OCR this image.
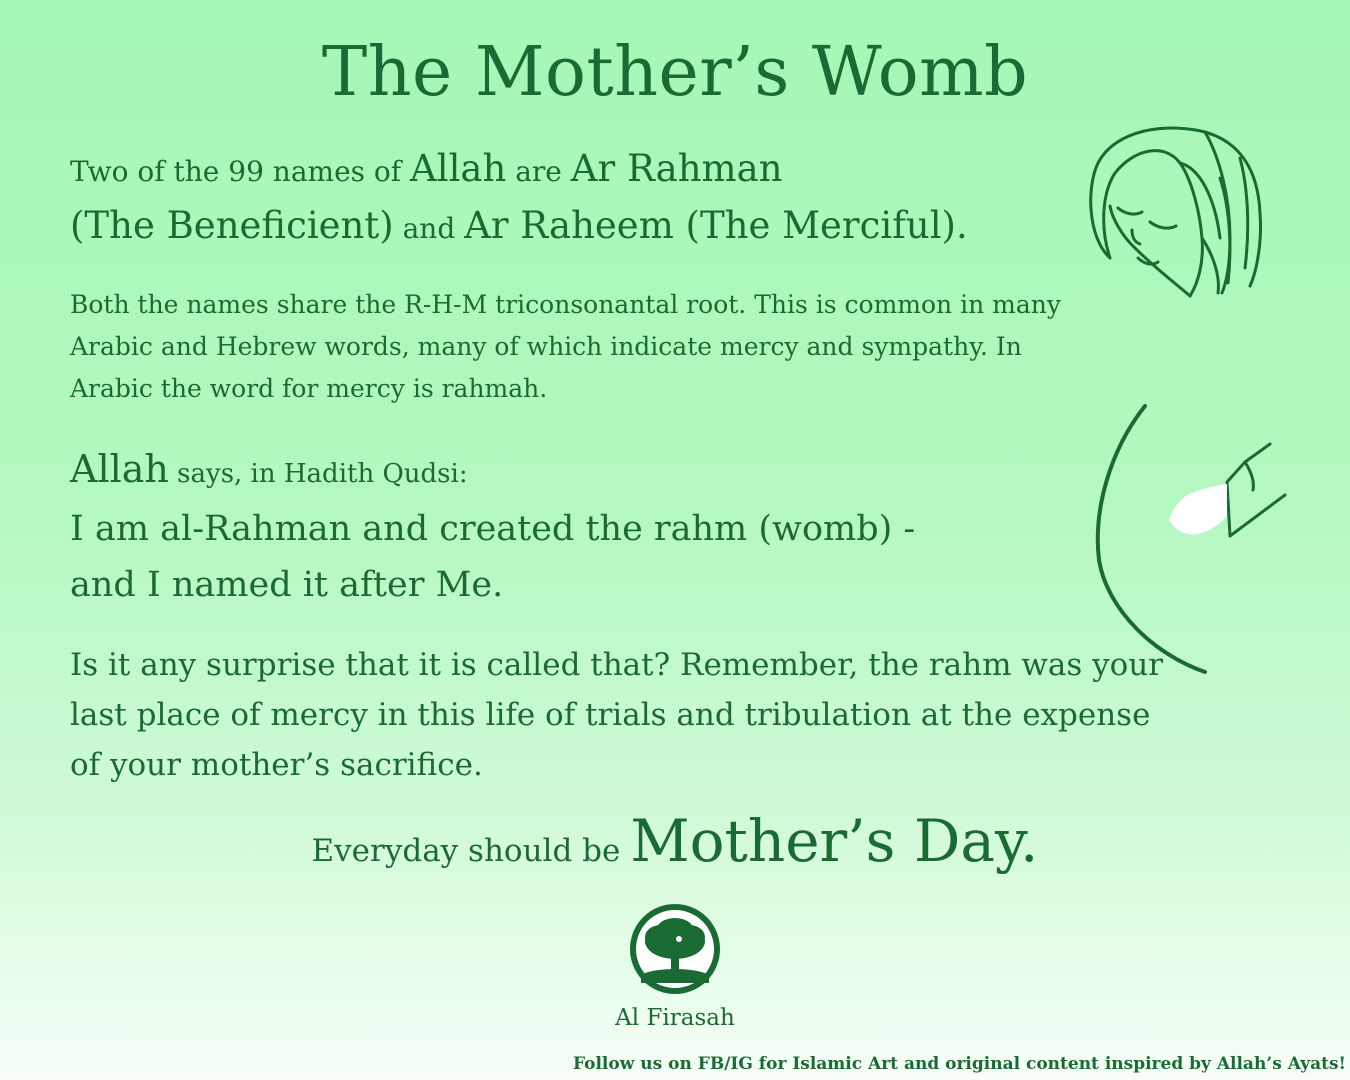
The Mother’s Womb
Two of the 99 names of Allah are Ar Rahman
(The Beneficient) and Ar Raheem (The Merciful).
Both the names share the R-H-M triconsonantal root. This is common in many Arabic and Hebrew words, many of which indicate mercy and sympathy. In Arabic the word for mercy is rahmah.
Allah says, in Hadith Qudsi:
I am al-Rahman and created the rahm (womb) -
and I named it after Me.
Is it any surprise that it is called that? Remember, the rahm was your last place of mercy in this life of trials and tribulation at the expense of your mother’s sacrifice.
Everyday should be Mother’s Day.
Al Firasah
Follow us on FB/IG for Islamic Art and original content inspired by Allah’s Ayats!
